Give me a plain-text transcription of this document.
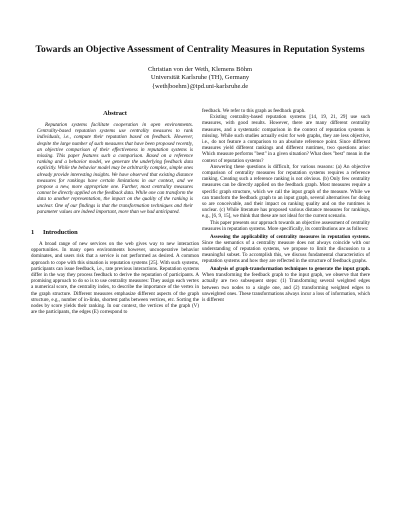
Towards an Objective Assessment of Centrality Measures in Reputation Systems
Christian von der Weth, Klemens Böhm
Universität Karlsruhe (TH), Germany
{weth|boehm}@ipd.uni-karlsruhe.de
Abstract

Reputation systems facilitate cooperation in open environments. Centrality-based reputation systems use centrality measures to rank individuals, i.e., compute their reputation based on feedback. However, despite the large number of such measures that have been proposed recently, an objective comparison of their effectiveness in reputation systems is missing. This paper features such a comparison. Based on a reference ranking and a behavior model, we generate the underlying feedback data explicitly. While the behavior model may be arbitrarily complex, simple ones already provide interesting insights. We have observed that existing distance measures for rankings have certain limitations in our context, and we propose a new, more appropriate one. Further, most centrality measures cannot be directly applied on the feedback data. While one can transform the data to another representation, the impact on the quality of the ranking is unclear. One of our findings is that the transformation techniques and their parameter values are indeed important, more than we had anticipated.

1 Introduction

A broad range of new services on the web gives way to new interaction opportunities. In many open environments however, uncooperative behavior dominates, and users risk that a service is not performed as desired. A common approach to cope with this situation is reputation systems [25]. With such systems, participants can issue feedback, i.e., rate previous interactions. Reputation systems differ in the way they process feedback to derive the reputation of participants. A promising approach to do so is to use centrality measures: They assign each vertex a numerical score, the centrality index, to describe the importance of the vertex in the graph structure. Different measures emphasize different aspects of the graph structure, e.g., number of in-links, shortest paths between vertices, etc. Sorting the nodes by score yields their ranking. In our context, the vertices of the graph (V) are the participants, the edges (E) correspond to

feedback. We refer to this graph as feedback graph.

Existing centrality-based reputation systems [14, 19, 21, 29] use such measures, with good results. However, there are many different centrality measures, and a systematic comparison in the context of reputation systems is missing. While such studies actually exist for web graphs, they are less objective, i.e., do not feature a comparison to an absolute reference point. Since different measures yield different rankings and different runtimes, two questions arise: Which measure performs "best" in a given situation? What does "best" mean in the context of reputation systems?

Answering these questions is difficult, for various reasons: (a) An objective comparison of centrality measures for reputation systems requires a reference ranking. Creating such a reference ranking is not obvious. (b) Only few centrality measures can be directly applied on the feedback graph. Most measures require a specific graph structure, which we call the input graph of the measure. While we can transform the feedback graph to an input graph, several alternatives for doing so are conceivable, and their impact on ranking quality and on the runtimes is unclear. (c) While literature has proposed various distance measures for rankings, e.g., [6, 9, 15], we think that these are not ideal for the current scenario.

This paper presents our approach towards an objective assessment of centrality measures in reputation systems. More specifically, its contributions are as follows:

Assessing the applicability of centrality measures in reputation systems. Since the semantics of a centrality measure does not always coincide with our understanding of reputation systems, we propose to limit the discussion to a meaningful subset. To accomplish this, we discuss fundamental characteristics of reputation systems and how they are reflected in the structure of feedback graphs.

Analysis of graph-transformation techniques to generate the input graph. When transforming the feedback graph to the input graph, we observe that there actually are two subsequent steps: (1) Transforming several weighted edges between two nodes to a single one, and (2) transforming weighted edges to unweighted ones. These transformations always incur a loss of information, which is different
